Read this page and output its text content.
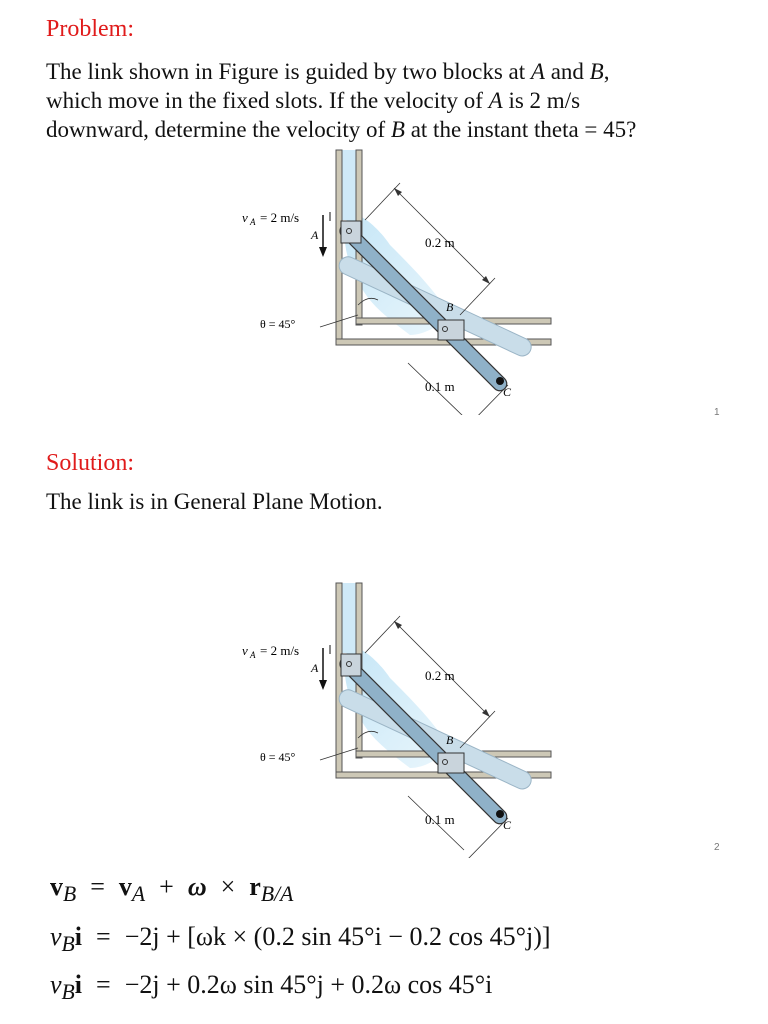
Problem:

The link shown in Figure is guided by two blocks at A and B,
which move in the fixed slots. If the velocity of A is 2 m/s
downward, determine the velocity of B at the instant theta = 45?

v A = 2 m/s
A	0.2 m
B
θ = 45°
0.1 m	C
1
Solution:

The link is in General Plane Motion.

v A = 2 m/s
A	0.2 m
B
θ = 45°
0.1 m	C
2
$v_B = v_A + \omega \times r_{B/A}$
$v_Bi = -2j + [\omega k \times (0.2$ sin 45°i − 0.2 cos 45°j)]
$v_Bi = -2j + 0.2\omega$ sin 45°j + 0.2ω cos 45°i
